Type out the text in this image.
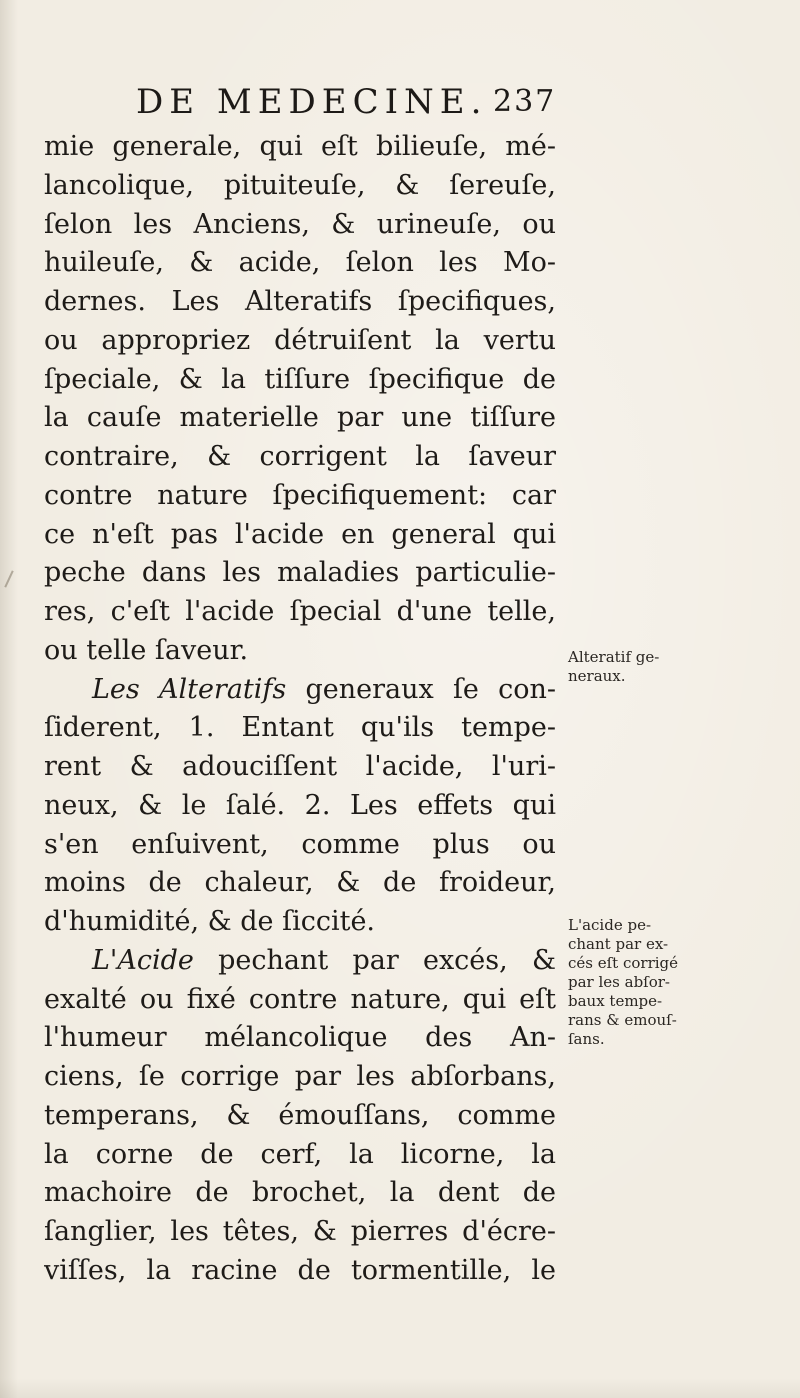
DE MEDECINE. 237
mie generale, qui eſt bilieuſe, mé-
lancolique, pituiteuſe, & ſereuſe,
ſelon les Anciens, & urineuſe, ou
huileuſe, & acide, ſelon les Mo-
dernes. Les Alteratifs ſpecifiques,
ou appropriez détruiſent la vertu
ſpeciale, & la tiſſure ſpecifique de
la cauſe materielle par une tiſſure
contraire, & corrigent la ſaveur
contre nature ſpecifiquement: car
ce n'eſt pas l'acide en general qui
peche dans les maladies particulie-
res, c'eſt l'acide ſpecial d'une telle,
ou telle ſaveur.
Les Alteratifs generaux ſe con-
ſiderent, 1. Entant qu'ils tempe-
rent & adouciſſent l'acide, l'uri-
neux, & le ſalé. 2. Les effets qui
s'en enſuivent, comme plus ou
moins de chaleur, & de froideur,
d'humidité, & de ſiccité.
L'Acide pechant par excés, &
exalté ou fixé contre nature, qui eſt
l'humeur mélancolique des An-
ciens, ſe corrige par les abſorbans,
temperans, & émouſſans, comme
la corne de cerf, la licorne, la
machoire de brochet, la dent de
ſanglier, les têtes, & pierres d'écre-
viſſes, la racine de tormentille, le
Alteratif ge-
neraux.
L'acide pe-
chant par ex-
cés eſt corrigé
par les abſor-
baux tempe-
rans & emouſ-
ſans.
